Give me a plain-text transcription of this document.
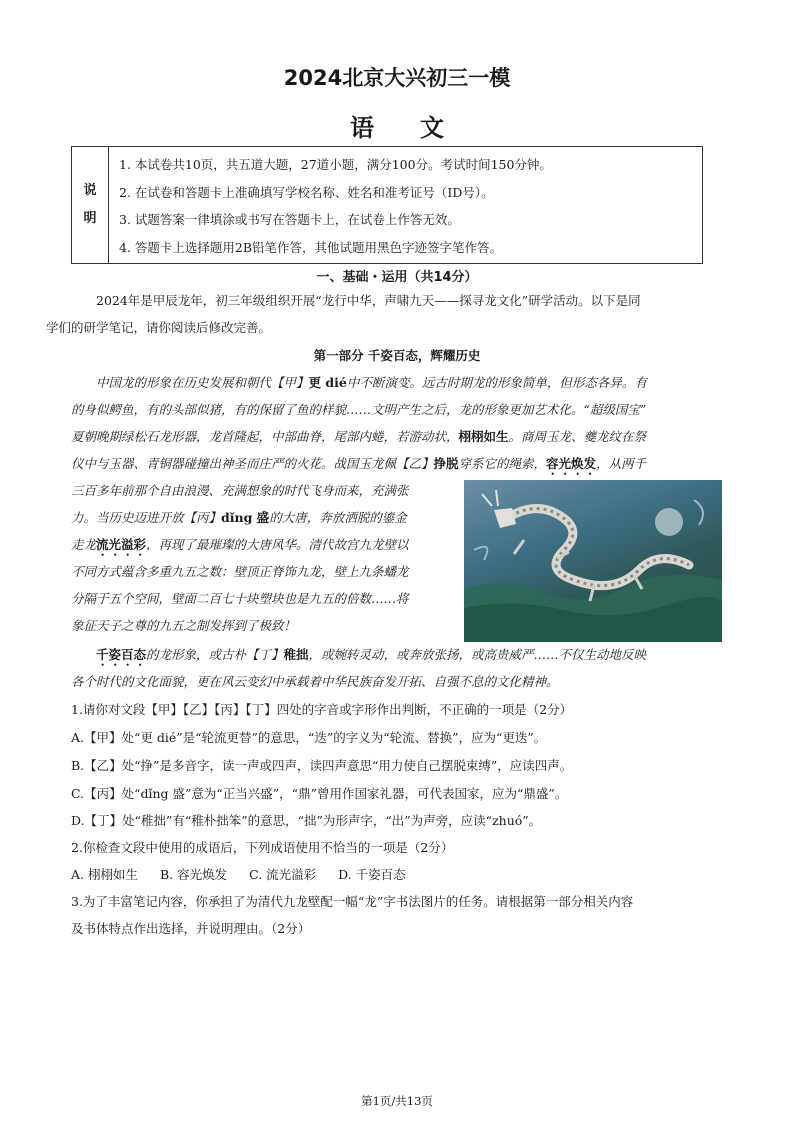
2024北京大兴初三一模
语文
说
明
1. 本试卷共10页，共五道大题，27道小题，满分100分。考试时间150分钟。
2. 在试卷和答题卡上准确填写学校名称、姓名和准考证号（ID号）。
3. 试题答案一律填涂或书写在答题卡上，在试卷上作答无效。
4. 答题卡上选择题用2B铅笔作答，其他试题用黑色字迹签字笔作答。
一、基础・运用（共14分）
2024年是甲辰龙年，初三年级组织开展“龙行中华，声啸九天——探寻龙文化”研学活动。以下是同
学们的研学笔记，请你阅读后修改完善。
第一部分 千姿百态，辉耀历史
中国龙的形象在历史发展和朝代【甲】更 dié中不断演变。远古时期龙的形象简单，但形态各异。有
的身似鳄鱼，有的头部似猪，有的保留了鱼的样貌……文明产生之后，龙的形象更加艺术化。“超级国宝”
夏朝晚期绿松石龙形器，龙首隆起，中部曲脊，尾部内蜷，若游动状，栩栩如生。商周玉龙、夔龙纹在祭
仪中与玉器、青铜器碰撞出神圣而庄严的火花。战国玉龙佩【乙】挣脱穿系它的绳索，容光焕发，从两千
三百多年前那个自由浪漫、充满想象的时代飞身而来，充满张
力。当历史迈进开放【丙】dǐng 盛的大唐，奔放洒脱的鎏金
走龙流光溢彩，再现了最璀璨的大唐风华。清代故宫九龙壁以
不同方式蕴含多重九五之数：壁顶正脊饰九龙，壁上九条蟠龙
分隔于五个空间，壁面二百七十块塑块也是九五的倍数……将
象征天子之尊的九五之制发挥到了极致！
千姿百态的龙形象，或古朴【丁】稚拙，或婉转灵动，或奔放张扬，或高贵威严……不仅生动地反映
各个时代的文化面貌，更在风云变幻中承载着中华民族奋发开拓、自强不息的文化精神。
1.请你对文段【甲】【乙】【丙】【丁】四处的字音或字形作出判断，不正确的一项是（2分）
A.【甲】处“更 dié”是“轮流更替”的意思，“迭”的字义为“轮流、替换”，应为“更迭”。
B.【乙】处“挣”是多音字，读一声或四声，读四声意思“用力使自己摆脱束缚”，应读四声。
C.【丙】处“dǐng 盛”意为“正当兴盛”，“鼎”曾用作国家礼器，可代表国家，应为“鼎盛”。
D.【丁】处“稚拙”有“稚朴拙笨”的意思，“拙”为形声字，“出”为声旁，应读“zhuó”。
2.你检查文段中使用的成语后，下列成语使用不恰当的一项是（2分）
A. 栩栩如生 B. 容光焕发 C. 流光溢彩 D. 千姿百态
3.为了丰富笔记内容，你承担了为清代九龙壁配一幅“龙”字书法图片的任务。请根据第一部分相关内容
及书体特点作出选择，并说明理由。（2分）
第1页/共13页
